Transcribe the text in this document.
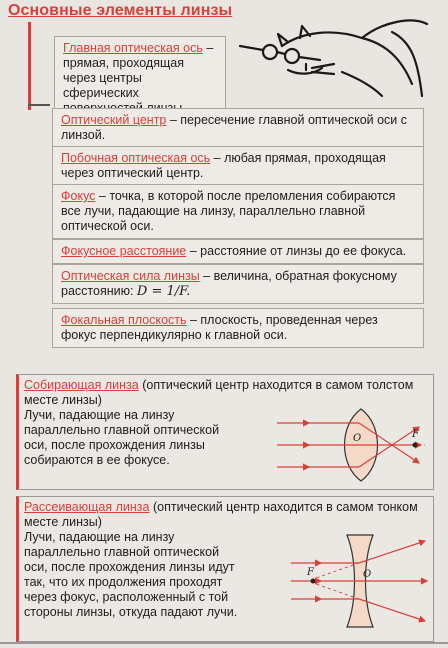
Основные элементы линзы
Главная оптическая ось – прямая, проходящая через центры сферических
Оптический центр – пересечение главной оптической оси с линзой.
Побочная оптическая ось – любая прямая, проходящая через оптический центр.
Фокус – точка, в которой после преломления собираются все лучи, падающие на линзу, параллельно главной оптической оси.
Фокусное расстояние – расстояние от линзы до ее фокуса.
Оптическая сила линзы – величина, обратная фокусному расстоянию: D = 1/F.
Фокальная плоскость – плоскость, проведенная через фокус перпендикулярно к главной оси.
Собирающая линза (оптический центр находится в самом толстом месте линзы)
Лучи, падающие на линзу
параллельно главной оптической
оси, после прохождения линзы
собираются в ее фокусе.
O	F
Рассеивающая линза (оптический центр находится в самом тонком месте линзы)
Лучи, падающие на линзу
параллельно главной оптической
оси, после прохождения линзы идут
так, что их продолжения проходят
через фокус, расположенный с той
стороны линзы, откуда падают лучи.
F	O
